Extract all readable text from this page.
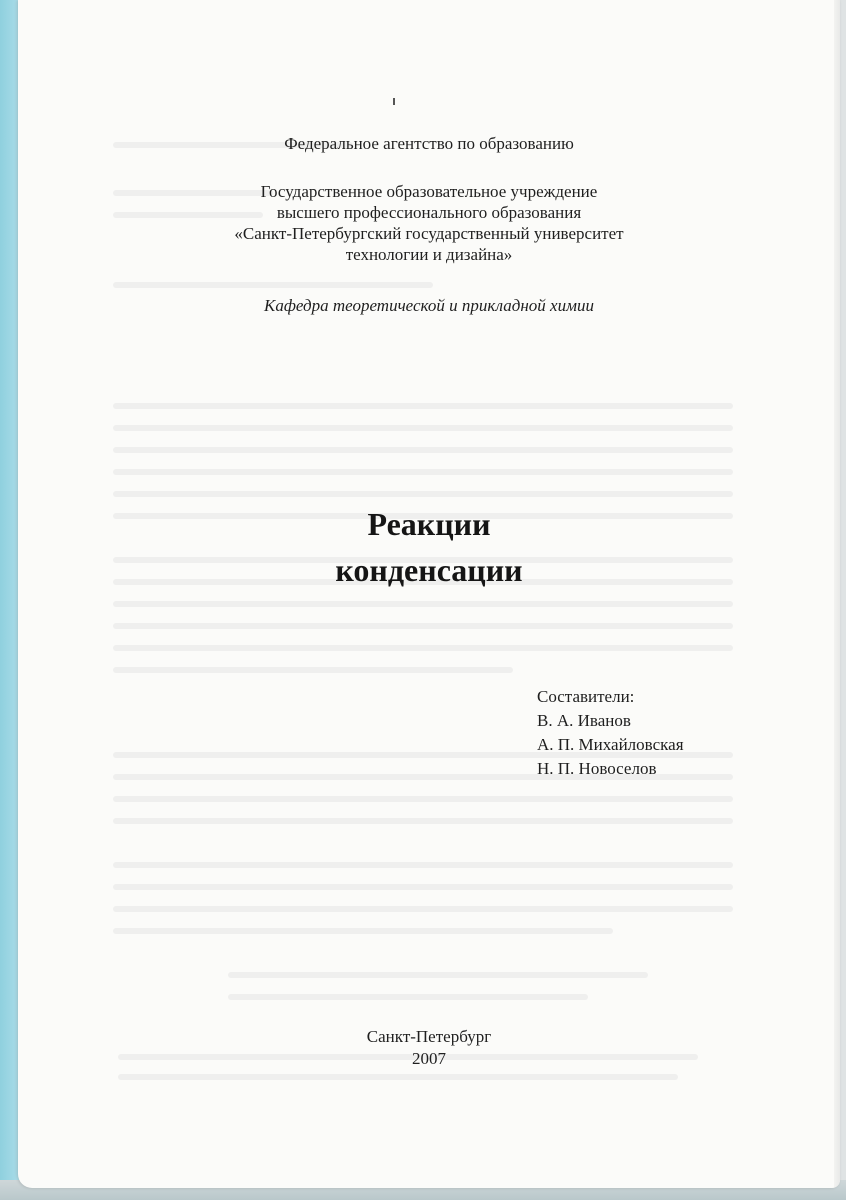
Федеральное агентство по образованию
Государственное образовательное учреждение
высшего профессионального образования
«Санкт-Петербургский государственный университет
технологии и дизайна»
Кафедра теоретической и прикладной химии
Реакции
конденсации
Составители:
В. А. Иванов
А. П. Михайловская
Н. П. Новоселов
Санкт-Петербург
2007
